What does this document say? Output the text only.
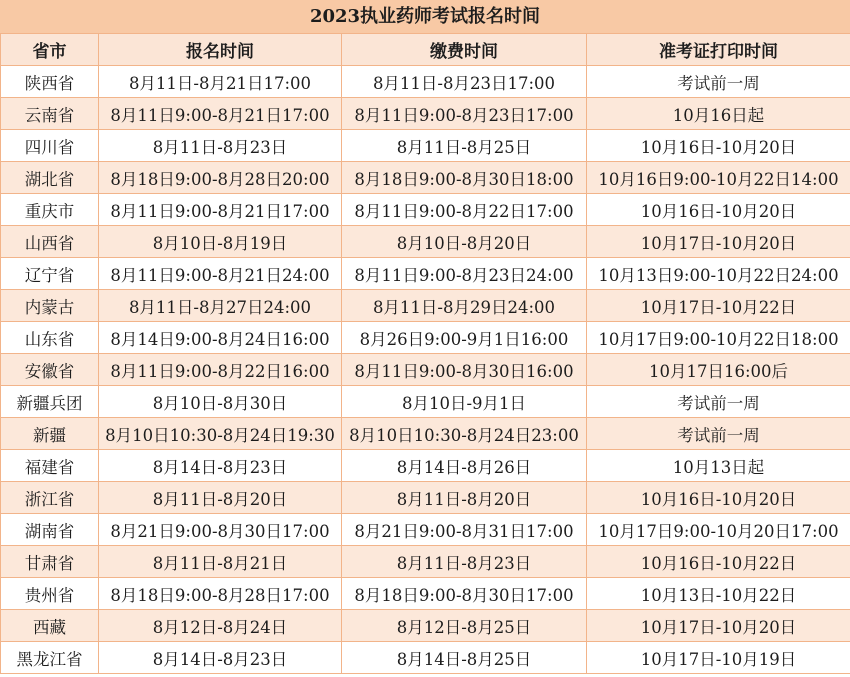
2023执业药师考试报名时间
省市	报名时间	缴费时间	准考证打印时间
陕西省	8月11日-8月21日17:00	8月11日-8月23日17:00	考试前一周
云南省	8月11日9:00-8月21日17:00	8月11日9:00-8月23日17:00	10月16日起
四川省	8月11日-8月23日	8月11日-8月25日	10月16日-10月20日
湖北省	8月18日9:00-8月28日20:00	8月18日9:00-8月30日18:00	10月16日9:00-10月22日14:00
重庆市	8月11日9:00-8月21日17:00	8月11日9:00-8月22日17:00	10月16日-10月20日
山西省	8月10日-8月19日	8月10日-8月20日	10月17日-10月20日
辽宁省	8月11日9:00-8月21日24:00	8月11日9:00-8月23日24:00	10月13日9:00-10月22日24:00
内蒙古	8月11日-8月27日24:00	8月11日-8月29日24:00	10月17日-10月22日
山东省	8月14日9:00-8月24日16:00	8月26日9:00-9月1日16:00	10月17日9:00-10月22日18:00
安徽省	8月11日9:00-8月22日16:00	8月11日9:00-8月30日16:00	10月17日16:00后
新疆兵团	8月10日-8月30日	8月10日-9月1日	考试前一周
新疆	8月10日10:30-8月24日19:30	8月10日10:30-8月24日23:00	考试前一周
福建省	8月14日-8月23日	8月14日-8月26日	10月13日起
浙江省	8月11日-8月20日	8月11日-8月20日	10月16日-10月20日
湖南省	8月21日9:00-8月30日17:00	8月21日9:00-8月31日17:00	10月17日9:00-10月20日17:00
甘肃省	8月11日-8月21日	8月11日-8月23日	10月16日-10月22日
贵州省	8月18日9:00-8月28日17:00	8月18日9:00-8月30日17:00	10月13日-10月22日
西藏	8月12日-8月24日	8月12日-8月25日	10月17日-10月20日
黑龙江省	8月14日-8月23日	8月14日-8月25日	10月17日-10月19日
